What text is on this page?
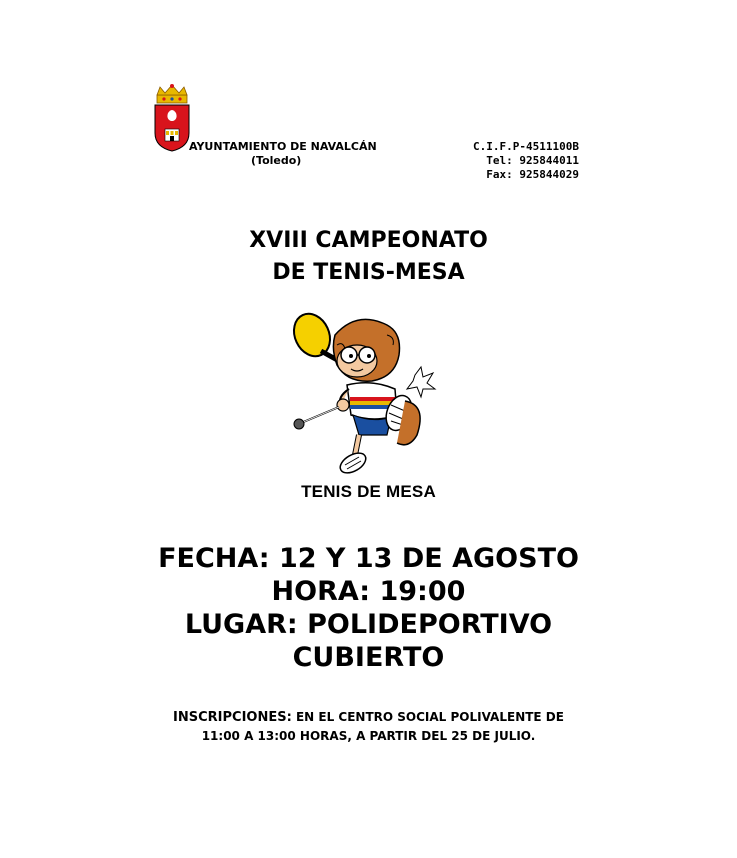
AYUNTAMIENTO DE NAVALCÁN
(Toledo)
C.I.F.P-4511100B
Tel: 925844011
Fax: 925844029
XVIII CAMPEONATO
DE TENIS-MESA
TENIS DE MESA
FECHA: 12 Y 13 DE AGOSTO
HORA: 19:00
LUGAR: POLIDEPORTIVO
CUBIERTO
INSCRIPCIONES: EN EL CENTRO SOCIAL POLIVALENTE DE 11:00 A 13:00 HORAS, A PARTIR DEL 25 DE JULIO.
